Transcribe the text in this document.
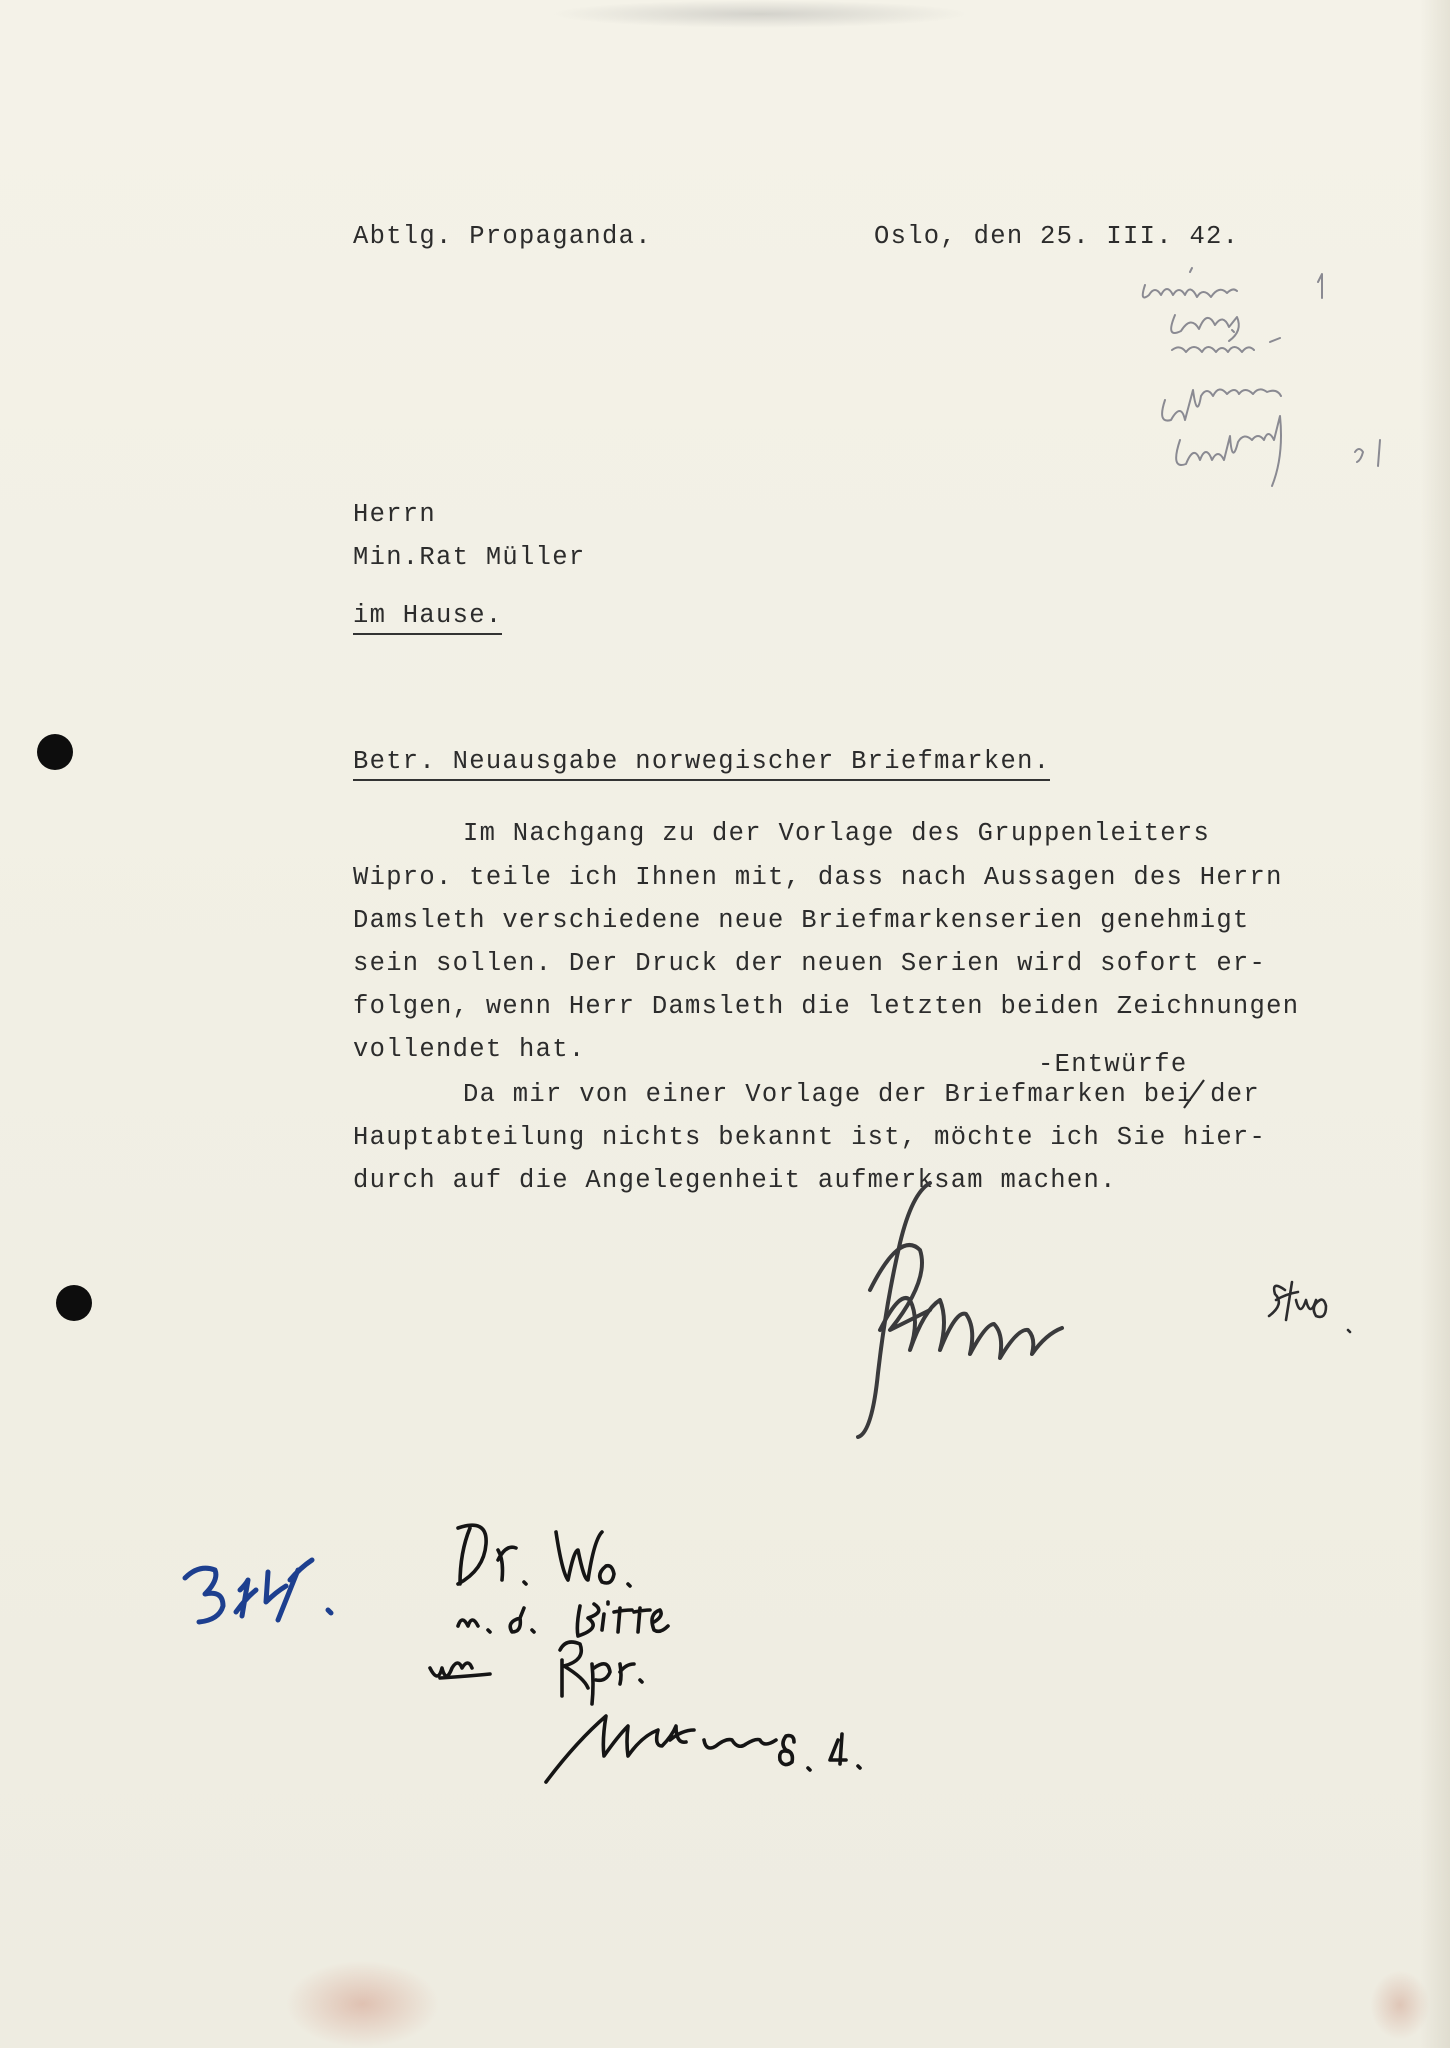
Abtlg. Propaganda.	Oslo, den 25. III. 42.
Herrn
Min.Rat Müller
im Hause.
Betr. Neuausgabe norwegischer Briefmarken.
Im Nachgang zu der Vorlage des Gruppenleiters
Wipro. teile ich Ihnen mit, dass nach Aussagen des Herrn
Damsleth verschiedene neue Briefmarkenserien genehmigt
sein sollen. Der Druck der neuen Serien wird sofort er-
folgen, wenn Herr Damsleth die letzten beiden Zeichnungen
vollendet hat.
-Entwürfe
Da mir von einer Vorlage der Briefmarken bei der
Hauptabteilung nichts bekannt ist, möchte ich Sie hier-
durch auf die Angelegenheit aufmerksam machen.
